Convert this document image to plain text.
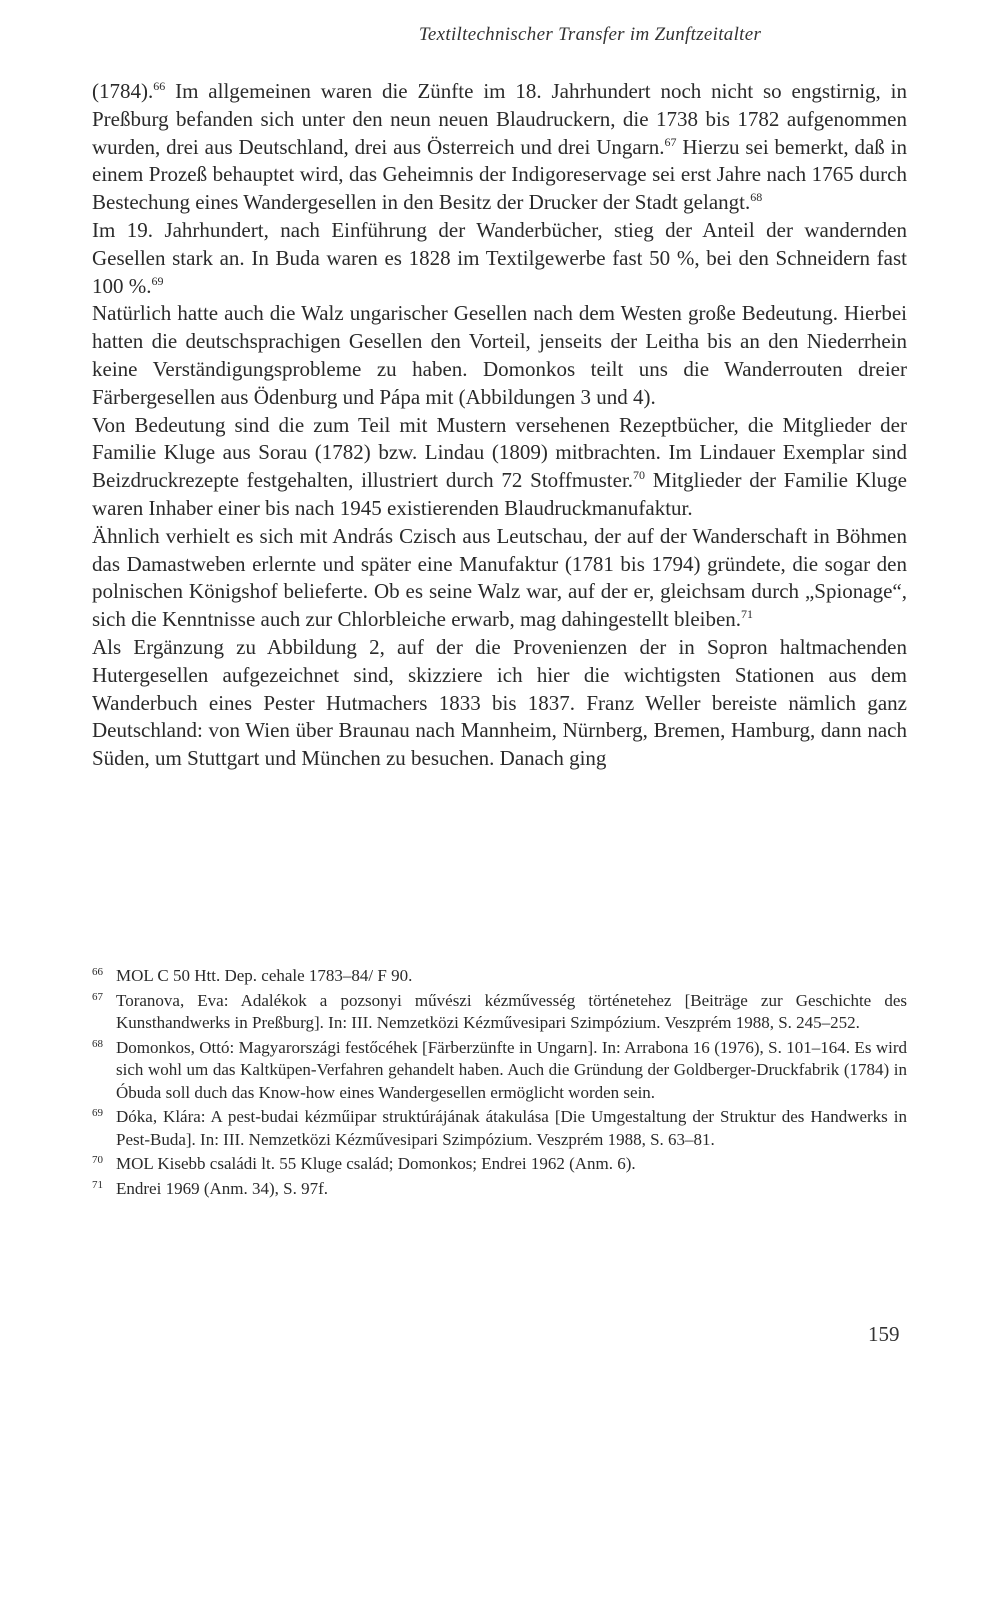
Textiltechnischer Transfer im Zunftzeitalter

(1784).$^{66}$ Im allgemeinen waren die Zünfte im 18. Jahrhundert noch nicht so engstirnig, in Preßburg befanden sich unter den neun neuen Blaudruckern, die 1738 bis 1782 aufgenommen wurden, drei aus Deutschland, drei aus Österreich und drei Ungarn.$^{67}$ Hierzu sei bemerkt, daß in einem Prozeß behauptet wird, das Geheimnis der Indigoreservage sei erst Jahre nach 1765 durch Bestechung eines Wandergesellen in den Besitz der Drucker der Stadt gelangt.$^{68}$

Im 19. Jahrhundert, nach Einführung der Wanderbücher, stieg der Anteil der wandernden Gesellen stark an. In Buda waren es 1828 im Textilgewerbe fast 50 %, bei den Schneidern fast 100 %.$^{69}$

Natürlich hatte auch die Walz ungarischer Gesellen nach dem Westen große Bedeutung. Hierbei hatten die deutschsprachigen Gesellen den Vorteil, jenseits der Leitha bis an den Niederrhein keine Verständigungsprobleme zu haben. Domonkos teilt uns die Wanderrouten dreier Färbergesellen aus Ödenburg und Pápa mit (Abbildungen 3 und 4).

Von Bedeutung sind die zum Teil mit Mustern versehenen Rezeptbücher, die Mitglieder der Familie Kluge aus Sorau (1782) bzw. Lindau (1809) mitbrachten. Im Lindauer Exemplar sind Beizdruckrezepte festgehalten, illustriert durch 72 Stoffmuster.$^{70}$ Mitglieder der Familie Kluge waren Inhaber einer bis nach 1945 existierenden Blaudruckmanufaktur.

Ähnlich verhielt es sich mit András Czisch aus Leutschau, der auf der Wanderschaft in Böhmen das Damastweben erlernte und später eine Manufaktur (1781 bis 1794) gründete, die sogar den polnischen Königshof belieferte. Ob es seine Walz war, auf der er, gleichsam durch „Spionage“, sich die Kenntnisse auch zur Chlorbleiche erwarb, mag dahingestellt bleiben.$^{71}$

Als Ergänzung zu Abbildung 2, auf der die Provenienzen der in Sopron haltmachenden Hutergesellen aufgezeichnet sind, skizziere ich hier die wichtigsten Stationen aus dem Wanderbuch eines Pester Hutmachers 1833 bis 1837. Franz Weller bereiste nämlich ganz Deutschland: von Wien über Braunau nach Mannheim, Nürnberg, Bremen, Hamburg, dann nach Süden, um Stuttgart und München zu besuchen. Danach ging

66 MOL C 50 Htt. Dep. cehale 1783–84/ F 90.
67 Toranova, Eva: Adalékok a pozsonyi művészi kézművesség történetehez [Beiträge zur Geschichte des Kunsthandwerks in Preßburg]. In: III. Nemzetközi Kézművesipari Szimpózium. Veszprém 1988, S. 245–252.
68 Domonkos, Ottó: Magyarországi festőcéhek [Färberzünfte in Ungarn]. In: Arrabona 16 (1976), S. 101–164. Es wird sich wohl um das Kaltküpen-Verfahren gehandelt haben. Auch die Gründung der Goldberger-Druckfabrik (1784) in Óbuda soll duch das Know-how eines Wandergesellen ermöglicht worden sein.
69 Dóka, Klára: A pest-budai kézműipar struktúrájának átakulása [Die Umgestaltung der Struktur des Handwerks in Pest-Buda]. In: III. Nemzetközi Kézművesipari Szimpózium. Veszprém 1988, S. 63–81.
70 MOL Kisebb családi lt. 55 Kluge család; Domonkos; Endrei 1962 (Anm. 6).
71 Endrei 1969 (Anm. 34), S. 97f.
159
